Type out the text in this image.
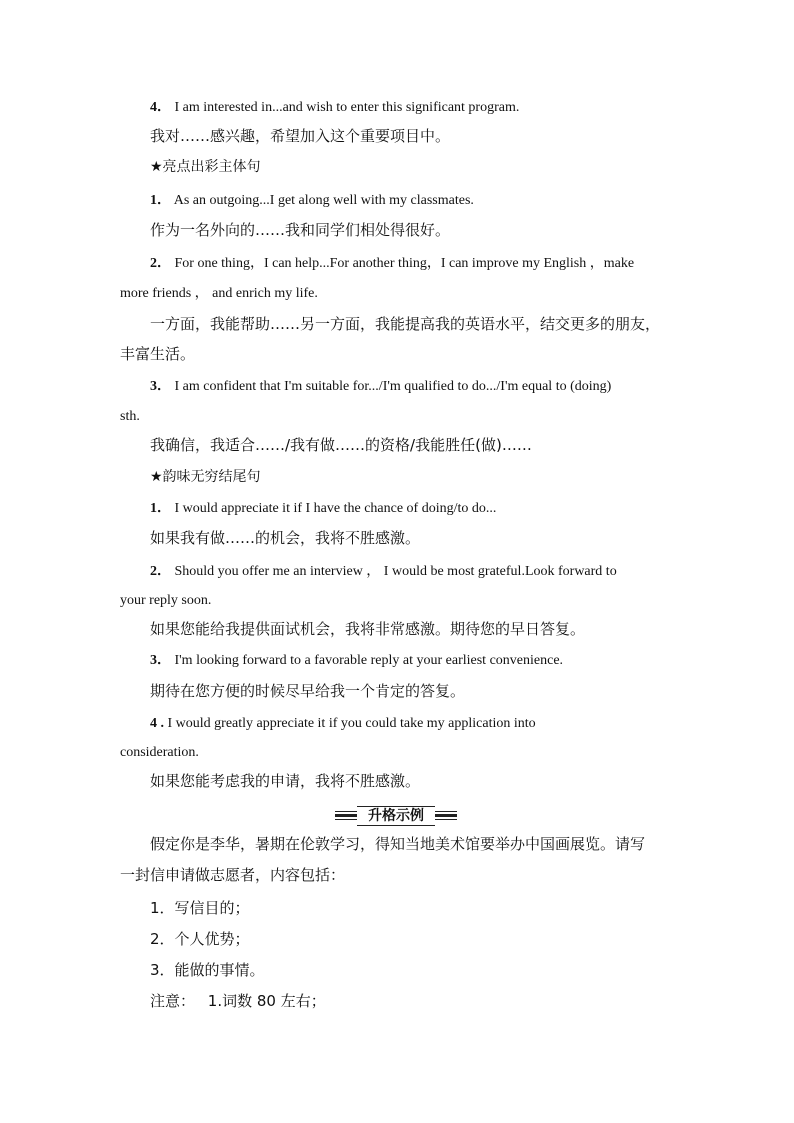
4． I am interested in...and wish to enter this significant program.
我对……感兴趣，希望加入这个重要项目中。
★亮点出彩主体句
1． As an outgoing...I get along well with my classmates.
作为一名外向的……我和同学们相处得很好。
2． For one thing，I can help...For another thing，I can improve my English ，make
more friends ， and enrich my life.
一方面，我能帮助……另一方面，我能提高我的英语水平，结交更多的朋友，
丰富生活。
3． I am confident that I'm suitable for.../I'm qualified to do.../I'm equal to (doing)
sth.
我确信，我适合……/我有做……的资格/我能胜任(做)……
★韵味无穷结尾句
1． I would appreciate it if I have the chance of doing/to do...
如果我有做……的机会，我将不胜感激。
2． Should you offer me an interview ， I would be most grateful.Look forward to
your reply soon.
如果您能给我提供面试机会，我将非常感激。期待您的早日答复。
3． I'm looking forward to a favorable reply at your earliest convenience.
期待在您方便的时候尽早给我一个肯定的答复。
4 . I would greatly appreciate it if you could take my application into
consideration.
如果您能考虑我的申请，我将不胜感激。
升格示例
假定你是李华，暑期在伦敦学习，得知当地美术馆要举办中国画展览。请写
一封信申请做志愿者，内容包括：
1．写信目的；
2．个人优势；
3．能做的事情。
注意： 1.词数 80 左右；
